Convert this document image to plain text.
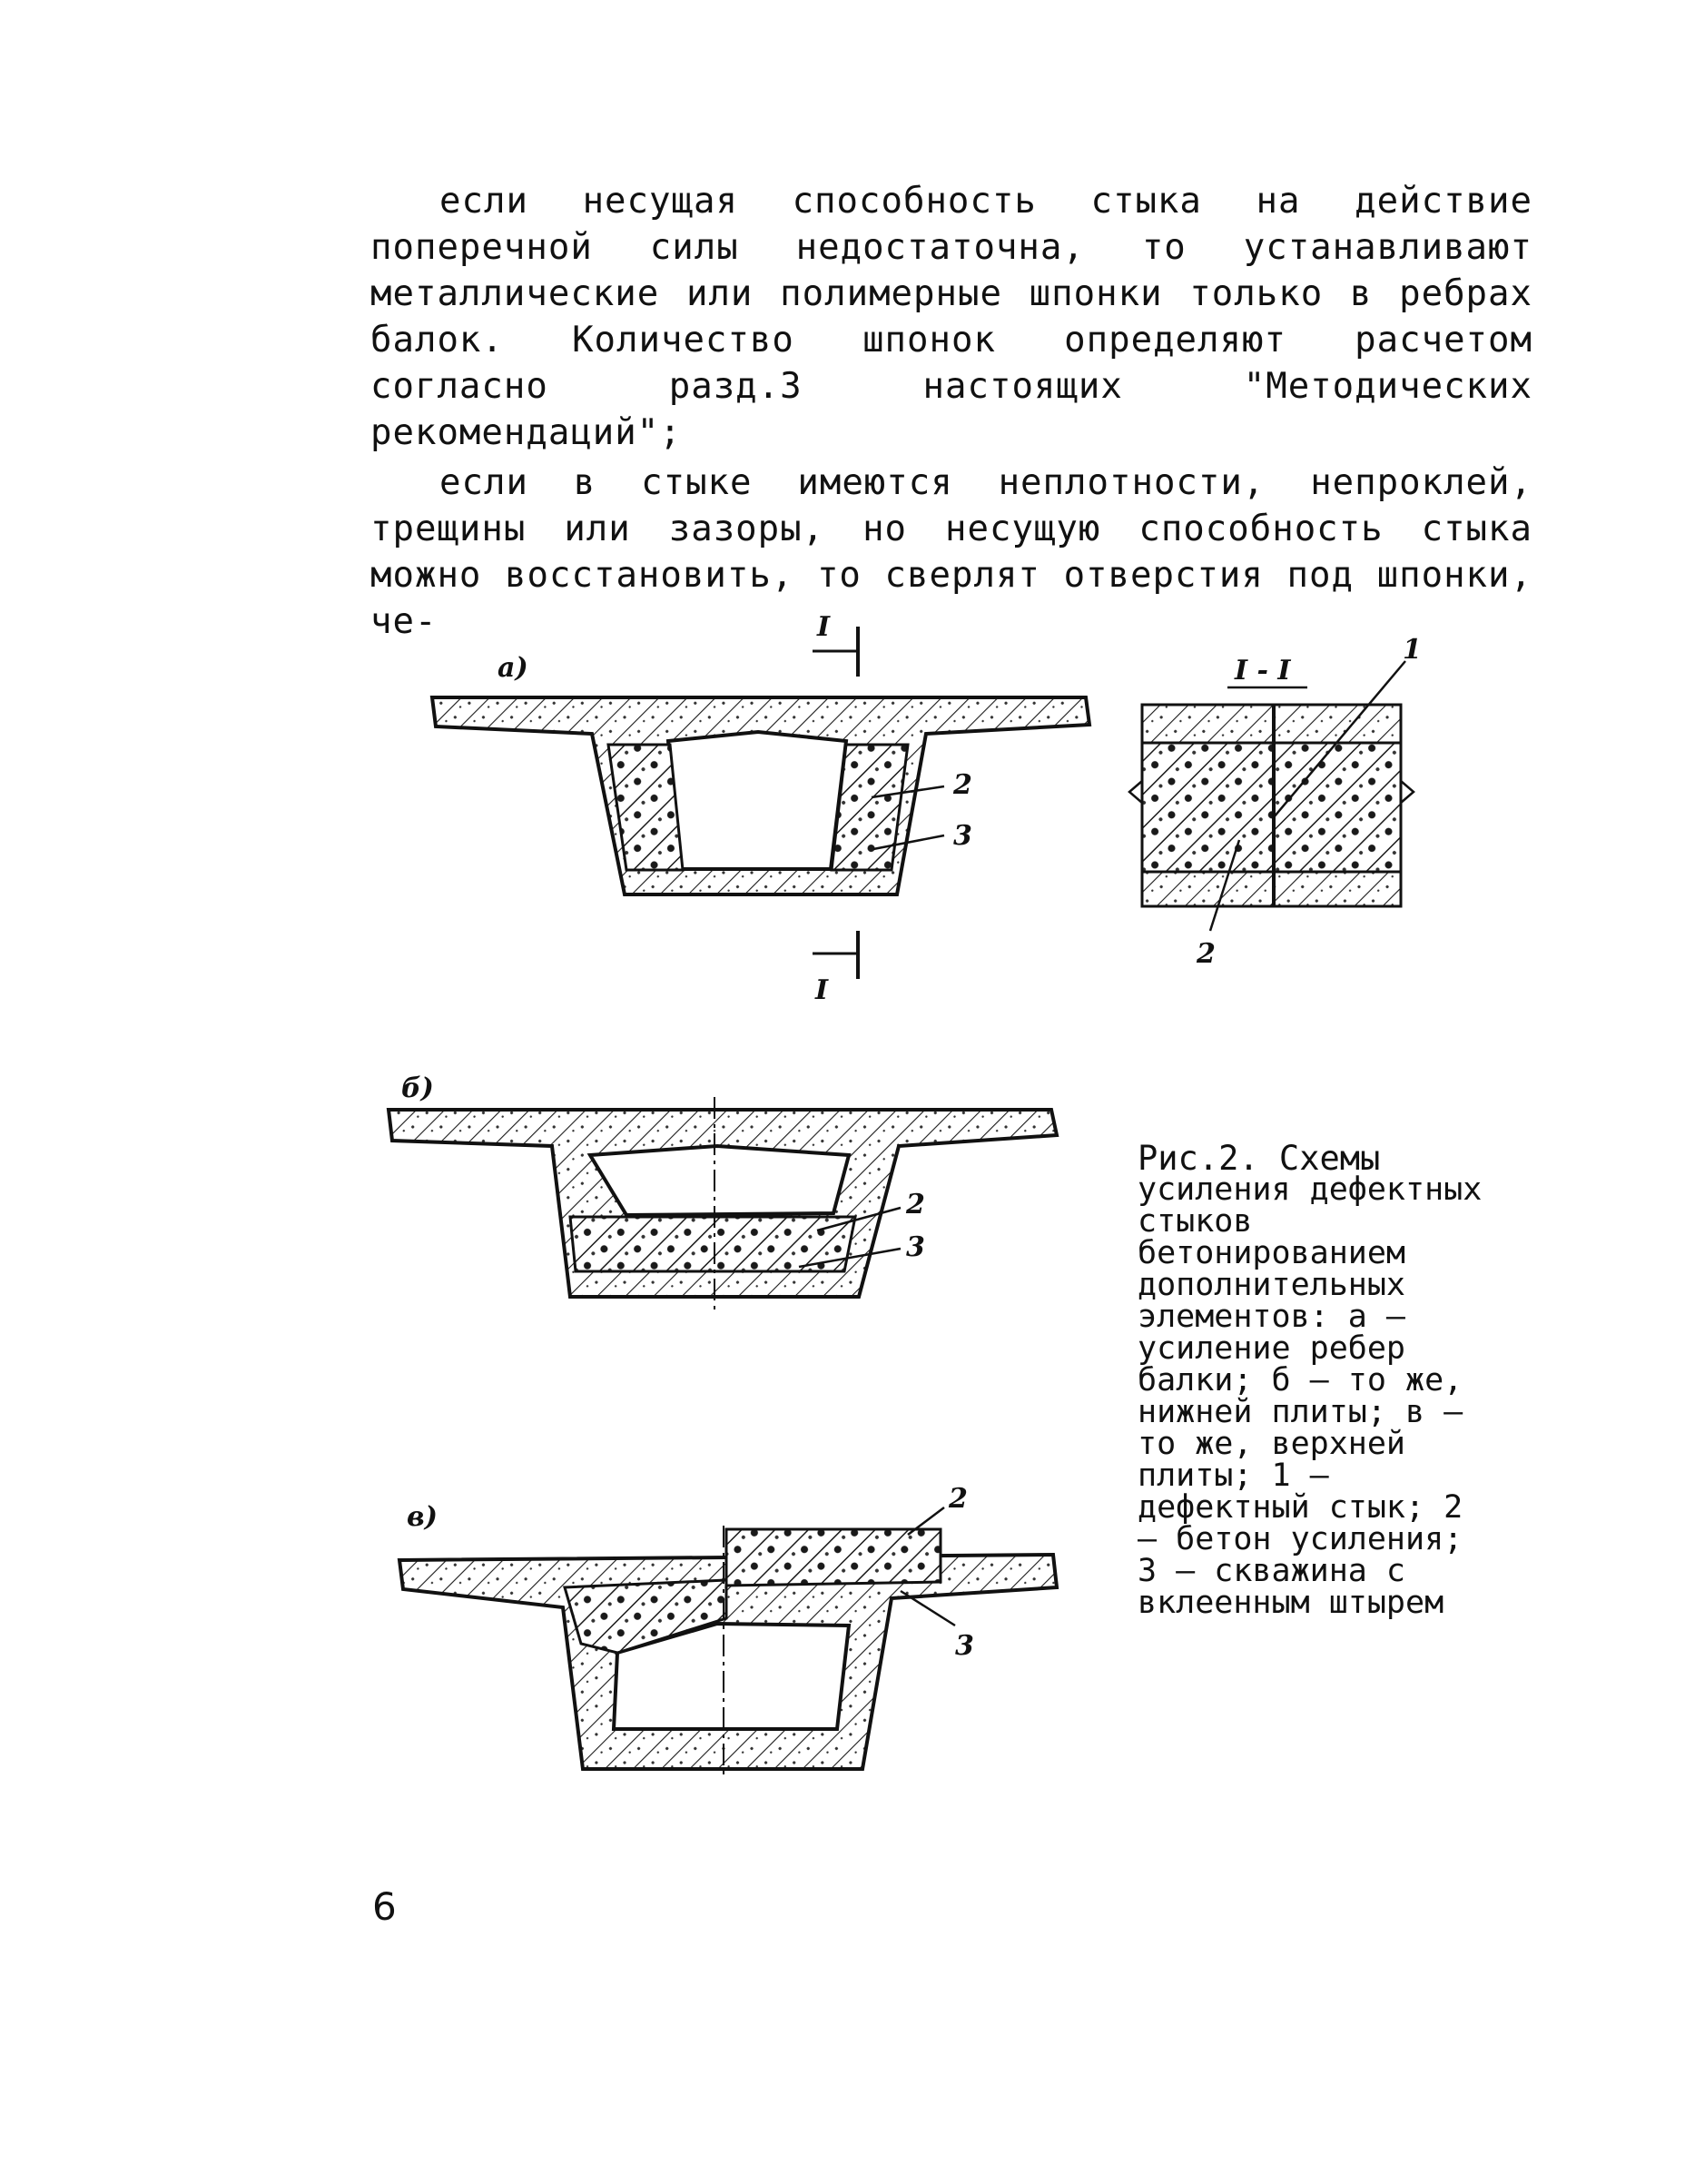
если несущая способность стыка на действие поперечной силы недостаточна, то устанавливают металлические или полимерные шпонки только в ребрах балок. Количество шпонок определяют расчетом согласно разд.3 настоящих "Методических рекомендаций";

если в стыке имеются неплотности, непроклей, трещины или зазоры, но несущую способность стыка можно восстановить, то сверлят отверстия под шпонки, че-

а)
I
I
2
3
I - I
1
2
б)
2
3
в)
2
3
Рис.2. Схемы
усиления дефектных стыков бетонированием дополнительных элементов: а – усиление ребер балки; б – то же, нижней плиты; в – то же, верхней плиты; 1 – дефектный стык; 2 – бетон усиления; 3 – скважина с вклеенным штырем
6
